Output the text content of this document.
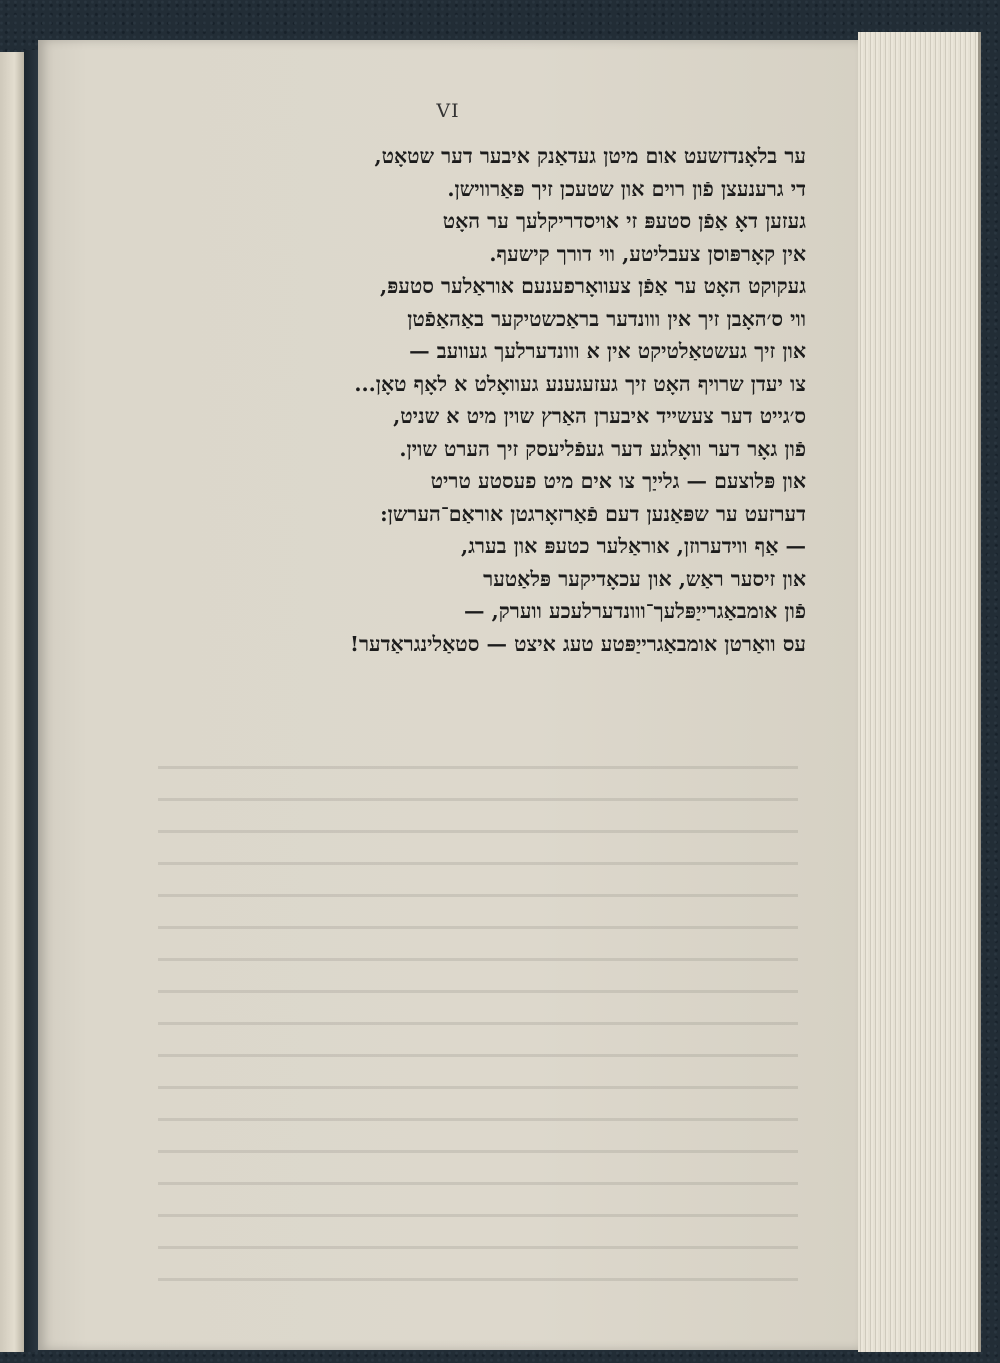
VI
ער בלאָנדזשעט אום מיטן געדאַנק איבער דער שטאָט,
די גרענעצן פֿון רוים און שטעכן זיך פּאַרווישן.
געזען דאָ אַפֿן סטעפּ זי אויסדריקלעך ער האָט
אין קאָרפּוסן צעבליטע, ווי דורך קישעף.
געקוקט האָט ער אַפֿן צעוואָרפענעם אוראַלער סטעפּ,
ווי ס׳האָבן זיך אין ווונדער בראַכשטיקער באַהאַפֿטן
און זיך געשטאַלטיקט אין א ווונדערלעך געוועב —
צו יעדן שרויף האָט זיך געזעגענע געוואָלט א לאָף טאָן...
ס׳גייט דער צעשייד איבערן האַרץ שוין מיט א שניט,
פֿון גאָר דער וואָלגע דער געפֿליעסק זיך הערט שוין.
און פּלוצעם — גלייַך צו אים מיט פעסטע טריט
דערזעט ער שפּאַנען דעם פֿאַרזאָרגטן אוראַם־הערשן:
— אַף ווידערוזן, אוראַלער כטעפּ און בערג,
און זיסער ראַש, און עכאָדיקער פּלאַטער
פֿון אומבאַגרייַפּלעך־ווונדערלעכע ווערק, —
עס וואַרטן אומבאַגרייַפּטע טעג איצט — סטאַלינגראַדער!
